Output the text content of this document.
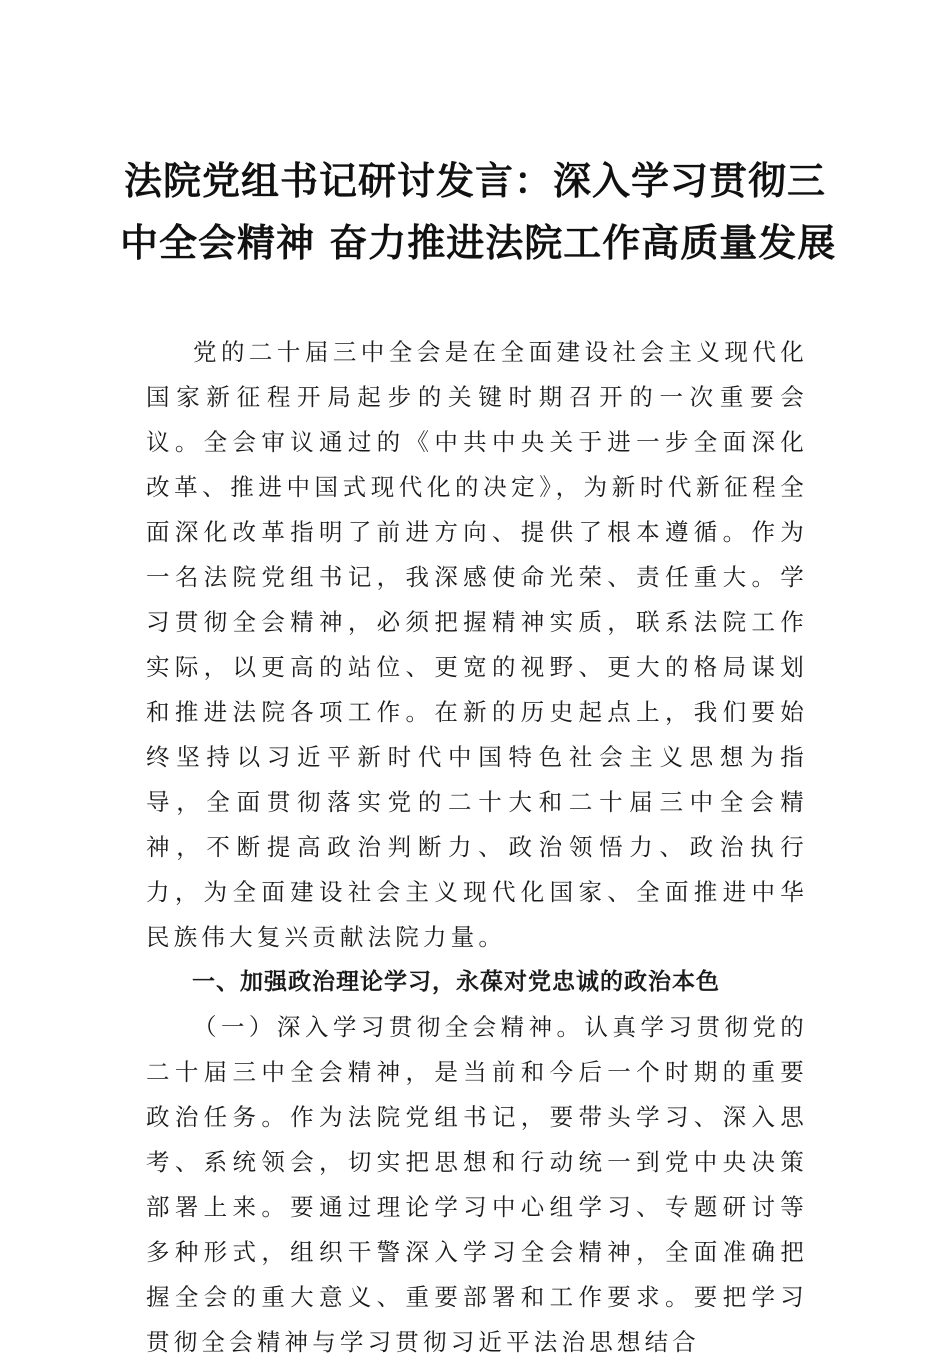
法院党组书记研讨发言：深入学习贯彻三
中全会精神 奋力推进法院工作高质量发展

党的二十届三中全会是在全面建设社会主义现代化国家新征程开局起步的关键时期召开的一次重要会议。全会审议通过的《中共中央关于进一步全面深化改革、推进中国式现代化的决定》，为新时代新征程全面深化改革指明了前进方向、提供了根本遵循。作为一名法院党组书记，我深感使命光荣、责任重大。学习贯彻全会精神，必须把握精神实质，联系法院工作实际，以更高的站位、更宽的视野、更大的格局谋划和推进法院各项工作。在新的历史起点上，我们要始终坚持以习近平新时代中国特色社会主义思想为指导，全面贯彻落实党的二十大和二十届三中全会精神，不断提高政治判断力、政治领悟力、政治执行力，为全面建设社会主义现代化国家、全面推进中华民族伟大复兴贡献法院力量。

一、加强政治理论学习，永葆对党忠诚的政治本色

（一）深入学习贯彻全会精神。认真学习贯彻党的二十届三中全会精神，是当前和今后一个时期的重要政治任务。作为法院党组书记，要带头学习、深入思考、系统领会，切实把思想和行动统一到党中央决策部署上来。要通过理论学习中心组学习、专题研讨等多种形式，组织干警深入学习全会精神，全面准确把握全会的重大意义、重要部署和工作要求。要把学习贯彻全会精神与学习贯彻习近平法治思想结合
